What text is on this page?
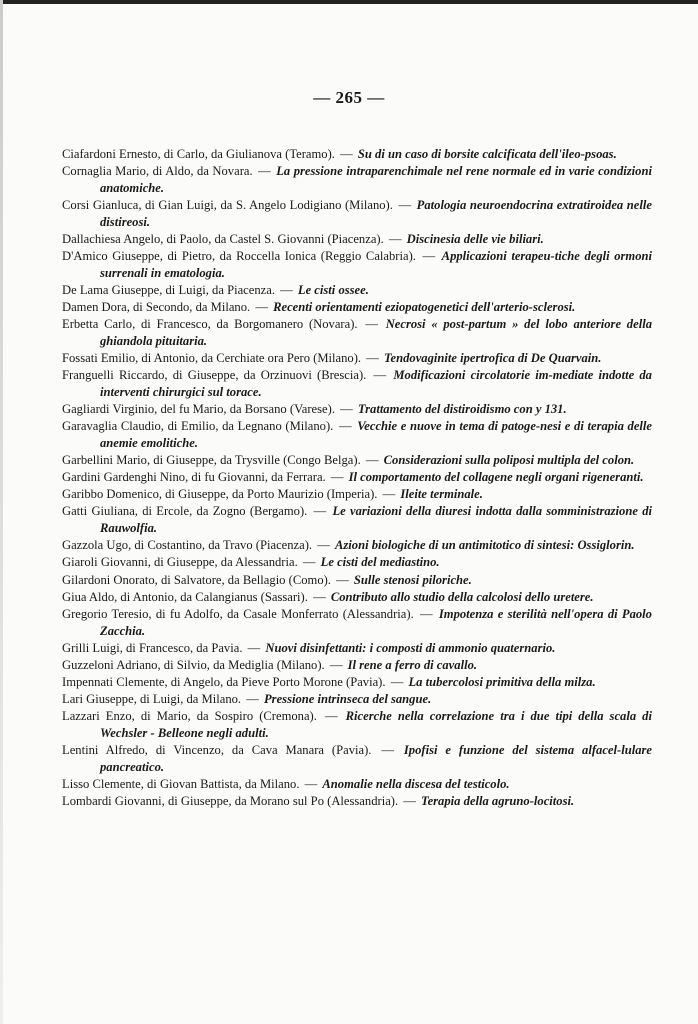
— 265 —
Ciafardoni Ernesto, di Carlo, da Giulianova (Teramo). — Su di un caso di borsite calcificata dell'ileo-psoas.
Cornaglia Mario, di Aldo, da Novara. — La pressione intraparenchimale nel rene normale ed in varie condizioni anatomiche.
Corsi Gianluca, di Gian Luigi, da S. Angelo Lodigiano (Milano). — Patologia neuroendocrina extratiroidea nelle distireosi.
Dallachiesa Angelo, di Paolo, da Castel S. Giovanni (Piacenza). — Discinesia delle vie biliari.
D'Amico Giuseppe, di Pietro, da Roccella Ionica (Reggio Calabria). — Applicazioni terapeu-tiche degli ormoni surrenali in ematologia.
De Lama Giuseppe, di Luigi, da Piacenza. — Le cisti ossee.
Damen Dora, di Secondo, da Milano. — Recenti orientamenti eziopatogenetici dell'arterio-sclerosi.
Erbetta Carlo, di Francesco, da Borgomanero (Novara). — Necrosi « post-partum » del lobo anteriore della ghiandola pituitaria.
Fossati Emilio, di Antonio, da Cerchiate ora Pero (Milano). — Tendovaginite ipertrofica di De Quarvain.
Franguelli Riccardo, di Giuseppe, da Orzinuovi (Brescia). — Modificazioni circolatorie im-mediate indotte da interventi chirurgici sul torace.
Gagliardi Virginio, del fu Mario, da Borsano (Varese). — Trattamento del distiroidismo con y 131.
Garavaglia Claudio, di Emilio, da Legnano (Milano). — Vecchie e nuove in tema di patoge-nesi e di terapia delle anemie emolitiche.
Garbellini Mario, di Giuseppe, da Trysville (Congo Belga). — Considerazioni sulla poliposi multipla del colon.
Gardini Gardenghi Nino, di fu Giovanni, da Ferrara. — Il comportamento del collagene negli organi rigeneranti.
Garibbo Domenico, di Giuseppe, da Porto Maurizio (Imperia). — Ileite terminale.
Gatti Giuliana, di Ercole, da Zogno (Bergamo). — Le variazioni della diuresi indotta dalla somministrazione di Rauwolfia.
Gazzola Ugo, di Costantino, da Travo (Piacenza). — Azioni biologiche di un antimitotico di sintesi: Ossiglorin.
Giaroli Giovanni, di Giuseppe, da Alessandria. — Le cisti del mediastino.
Gilardoni Onorato, di Salvatore, da Bellagio (Como). — Sulle stenosi piloriche.
Giua Aldo, di Antonio, da Calangianus (Sassari). — Contributo allo studio della calcolosi dello uretere.
Gregorio Teresio, di fu Adolfo, da Casale Monferrato (Alessandria). — Impotenza e sterilità nell'opera di Paolo Zacchia.
Grilli Luigi, di Francesco, da Pavia. — Nuovi disinfettanti: i composti di ammonio quaternario.
Guzzeloni Adriano, di Silvio, da Mediglia (Milano). — Il rene a ferro di cavallo.
Impennati Clemente, di Angelo, da Pieve Porto Morone (Pavia). — La tubercolosi primitiva della milza.
Lari Giuseppe, di Luigi, da Milano. — Pressione intrinseca del sangue.
Lazzari Enzo, di Mario, da Sospiro (Cremona). — Ricerche nella correlazione tra i due tipi della scala di Wechsler - Belleone negli adulti.
Lentini Alfredo, di Vincenzo, da Cava Manara (Pavia). — Ipofisi e funzione del sistema alfacel-lulare pancreatico.
Lisso Clemente, di Giovan Battista, da Milano. — Anomalie nella discesa del testicolo.
Lombardi Giovanni, di Giuseppe, da Morano sul Po (Alessandria). — Terapia della agruno-locitosi.
